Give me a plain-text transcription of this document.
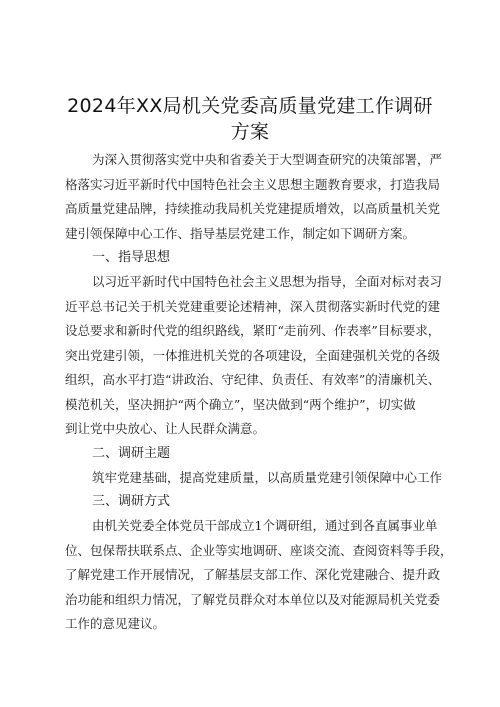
2024年XX局机关党委高质量党建工作调研
方案
为深入贯彻落实党中央和省委关于大型调查研究的决策部署，严
格落实习近平新时代中国特色社会主义思想主题教育要求，打造我局
高质量党建品牌，持续推动我局机关党建提质增效，以高质量机关党
建引领保障中心工作、指导基层党建工作，制定如下调研方案。
一、指导思想
以习近平新时代中国特色社会主义思想为指导，全面对标对表习
近平总书记关于机关党建重要论述精神，深入贯彻落实新时代党的建
设总要求和新时代党的组织路线，紧盯“走前列、作表率”目标要求，
突出党建引领，一体推进机关党的各项建设，全面建强机关党的各级
组织，高水平打造“讲政治、守纪律、负责任、有效率”的清廉机关、
模范机关，坚决拥护“两个确立”，坚决做到“两个维护”，切实做
到让党中央放心、让人民群众满意。
二、调研主题
筑牢党建基础，提高党建质量，以高质量党建引领保障中心工作
三、调研方式
由机关党委全体党员干部成立1个调研组，通过到各直属事业单
位、包保帮扶联系点、企业等实地调研、座谈交流、查阅资料等手段，
了解党建工作开展情况，了解基层支部工作、深化党建融合、提升政
治功能和组织力情况，了解党员群众对本单位以及对能源局机关党委
工作的意见建议。
